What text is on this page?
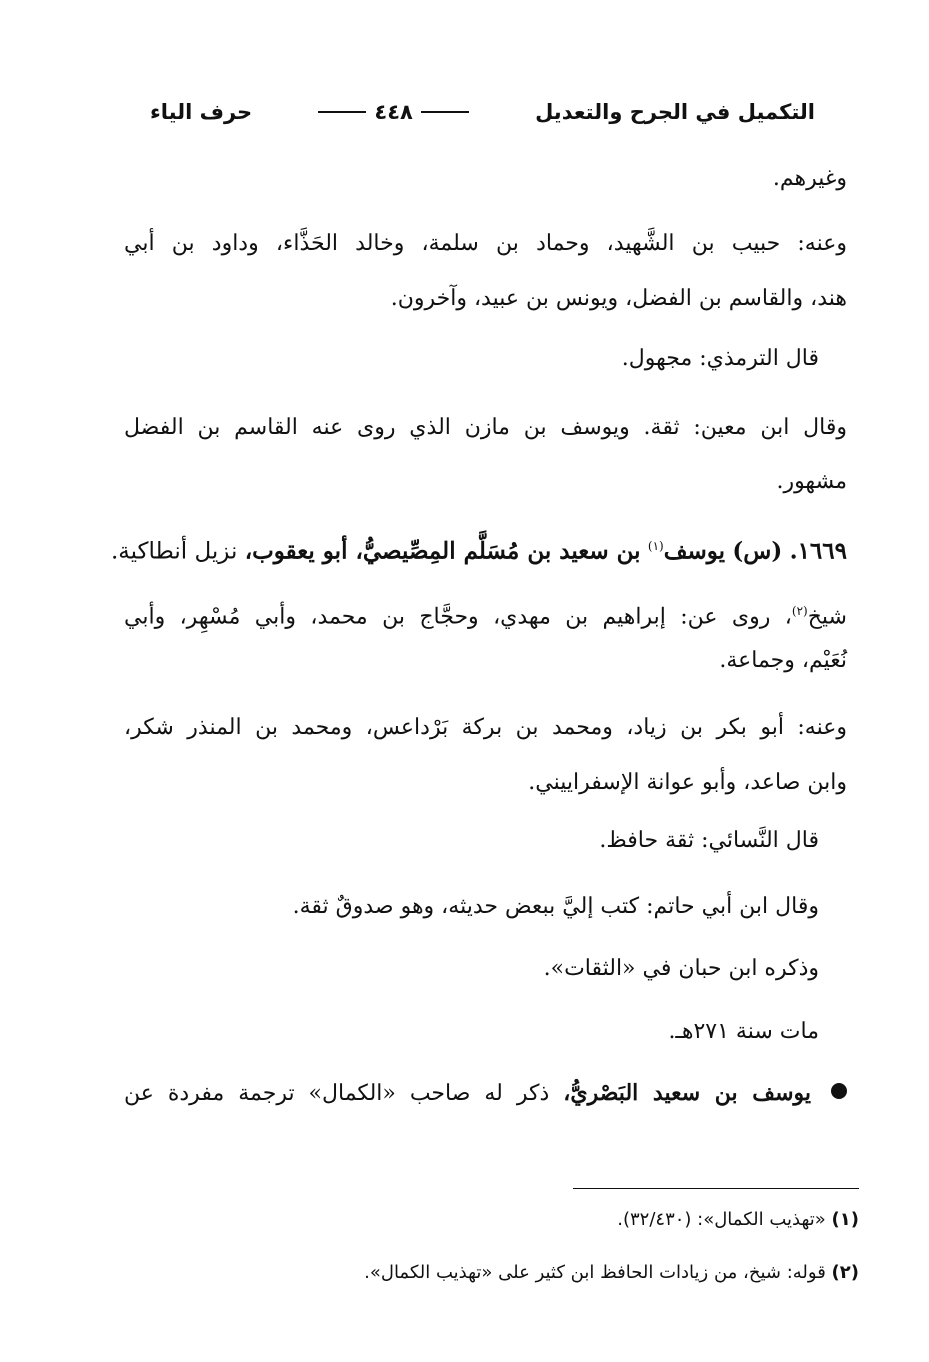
التكميل في الجرح والتعديل
٤٤٨
حرف الياء
وغيرهم.
وعنه: حبيب بن الشَّهيد، وحماد بن سلمة، وخالد الحَذَّاء، وداود بن أبي
هند، والقاسم بن الفضل، ويونس بن عبيد، وآخرون.
قال الترمذي: مجهول.
وقال ابن معين: ثقة. ويوسف بن مازن الذي روى عنه القاسم بن الفضل
مشهور.
١٦٦٩. (س) يوسف$^{(١)}$ بن سعيد بن مُسَلَّم المِصِّيصيُّ، أبو يعقوب، نزيل أنطاكية.
شيخ$^{(٢)}$، روى عن: إبراهيم بن مهدي، وحجَّاج بن محمد، وأبي مُسْهِر، وأبي
نُعَيْم، وجماعة.
وعنه: أبو بكر بن زياد، ومحمد بن بركة بَرْداعس، ومحمد بن المنذر شكر،
وابن صاعد، وأبو عوانة الإسفراييني.
قال النَّسائي: ثقة حافظ.
وقال ابن أبي حاتم: كتب إليَّ ببعض حديثه، وهو صدوقٌ ثقة.
وذكره ابن حبان في «الثقات».
مات سنة ٢٧١هـ.
يوسف بن سعيد البَصْريُّ، ذكر له صاحب «الكمال» ترجمة مفردة عن
(١) «تهذيب الكمال»: (٣٢/٤٣٠).
(٢) قوله: شيخ، من زيادات الحافظ ابن كثير على «تهذيب الكمال».
